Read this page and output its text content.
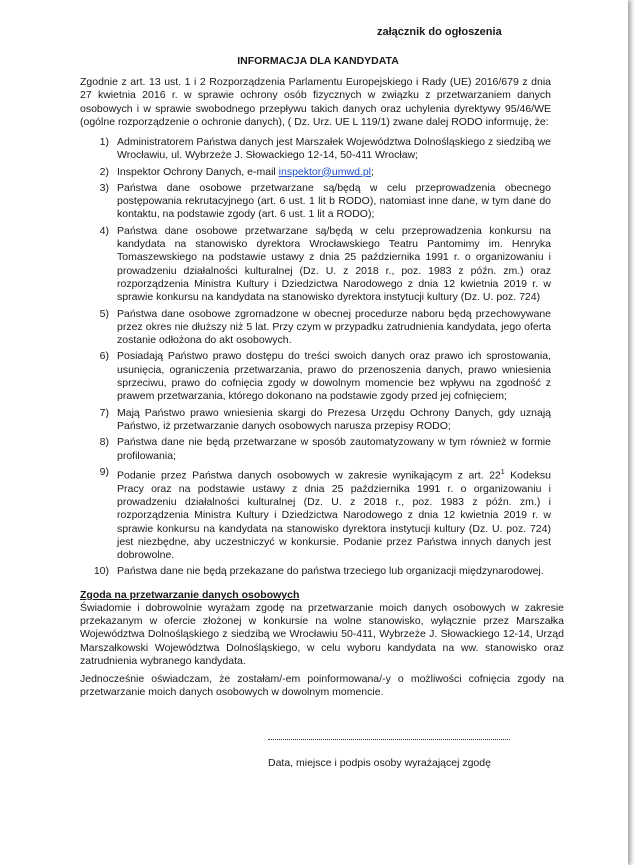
załącznik do ogłoszenia
INFORMACJA DLA KANDYDATA

Zgodnie z art. 13 ust. 1 i 2 Rozporządzenia Parlamentu Europejskiego i Rady (UE) 2016/679 z dnia 27 kwietnia 2016 r. w sprawie ochrony osób fizycznych w związku z przetwarzaniem danych osobowych i w sprawie swobodnego przepływu takich danych oraz uchylenia dyrektywy 95/46/WE (ogólne rozporządzenie o ochronie danych), ( Dz. Urz. UE L 119/1) zwane dalej RODO informuję, że:

1) Administratorem Państwa danych jest Marszałek Województwa Dolnośląskiego z siedzibą we Wrocławiu, ul. Wybrzeże J. Słowackiego 12-14, 50-411 Wrocław;
2) Inspektor Ochrony Danych, e-mail inspektor@umwd.pl;
3) Państwa dane osobowe przetwarzane są/będą w celu przeprowadzenia obecnego postępowania rekrutacyjnego (art. 6 ust. 1 lit b RODO), natomiast inne dane, w tym dane do kontaktu, na podstawie zgody (art. 6 ust. 1 lit a RODO);
4) Państwa dane osobowe przetwarzane są/będą w celu przeprowadzenia konkursu na kandydata na stanowisko dyrektora Wrocławskiego Teatru Pantomimy im. Henryka Tomaszewskiego na podstawie ustawy z dnia 25 października 1991 r. o organizowaniu i prowadzeniu działalności kulturalnej (Dz. U. z 2018 r., poz. 1983 z późn. zm.) oraz rozporządzenia Ministra Kultury i Dziedzictwa Narodowego z dnia 12 kwietnia 2019 r. w sprawie konkursu na kandydata na stanowisko dyrektora instytucji kultury (Dz. U. poz. 724)
5) Państwa dane osobowe zgromadzone w obecnej procedurze naboru będą przechowywane przez okres nie dłuższy niż 5 lat. Przy czym w przypadku zatrudnienia kandydata, jego oferta zostanie odłożona do akt osobowych.
6) Posiadają Państwo prawo dostępu do treści swoich danych oraz prawo ich sprostowania, usunięcia, ograniczenia przetwarzania, prawo do przenoszenia danych, prawo wniesienia sprzeciwu, prawo do cofnięcia zgody w dowolnym momencie bez wpływu na zgodność z prawem przetwarzania, którego dokonano na podstawie zgody przed jej cofnięciem;
7) Mają Państwo prawo wniesienia skargi do Prezesa Urzędu Ochrony Danych, gdy uznają Państwo, iż przetwarzanie danych osobowych narusza przepisy RODO;
8) Państwa dane nie będą przetwarzane w sposób zautomatyzowany w tym również w formie profilowania;
9) Podanie przez Państwa danych osobowych w zakresie wynikającym z art. $22^1$ Kodeksu Pracy oraz na podstawie ustawy z dnia 25 października 1991 r. o organizowaniu i prowadzeniu działalności kulturalnej (Dz. U. z 2018 r., poz. 1983 z późn. zm.) i rozporządzenia Ministra Kultury i Dziedzictwa Narodowego z dnia 12 kwietnia 2019 r. w sprawie konkursu na kandydata na stanowisko dyrektora instytucji kultury (Dz. U. poz. 724) jest niezbędne, aby uczestniczyć w konkursie. Podanie przez Państwa innych danych jest dobrowolne.
10) Państwa dane nie będą przekazane do państwa trzeciego lub organizacji międzynarodowej.
Zgoda na przetwarzanie danych osobowych

Świadomie i dobrowolnie wyrażam zgodę na przetwarzanie moich danych osobowych w zakresie przekazanym w ofercie złożonej w konkursie na wolne stanowisko, wyłącznie przez Marszałka Województwa Dolnośląskiego z siedzibą we Wrocławiu 50-411, Wybrzeże J. Słowackiego 12-14, Urząd Marszałkowski Województwa Dolnośląskiego, w celu wyboru kandydata na ww. stanowisko oraz zatrudnienia wybranego kandydata.

Jednocześnie oświadczam, że zostałam/-em poinformowana/-y o możliwości cofnięcia zgody na przetwarzanie moich danych osobowych w dowolnym momencie.

Data, miejsce i podpis osoby wyrażającej zgodę
